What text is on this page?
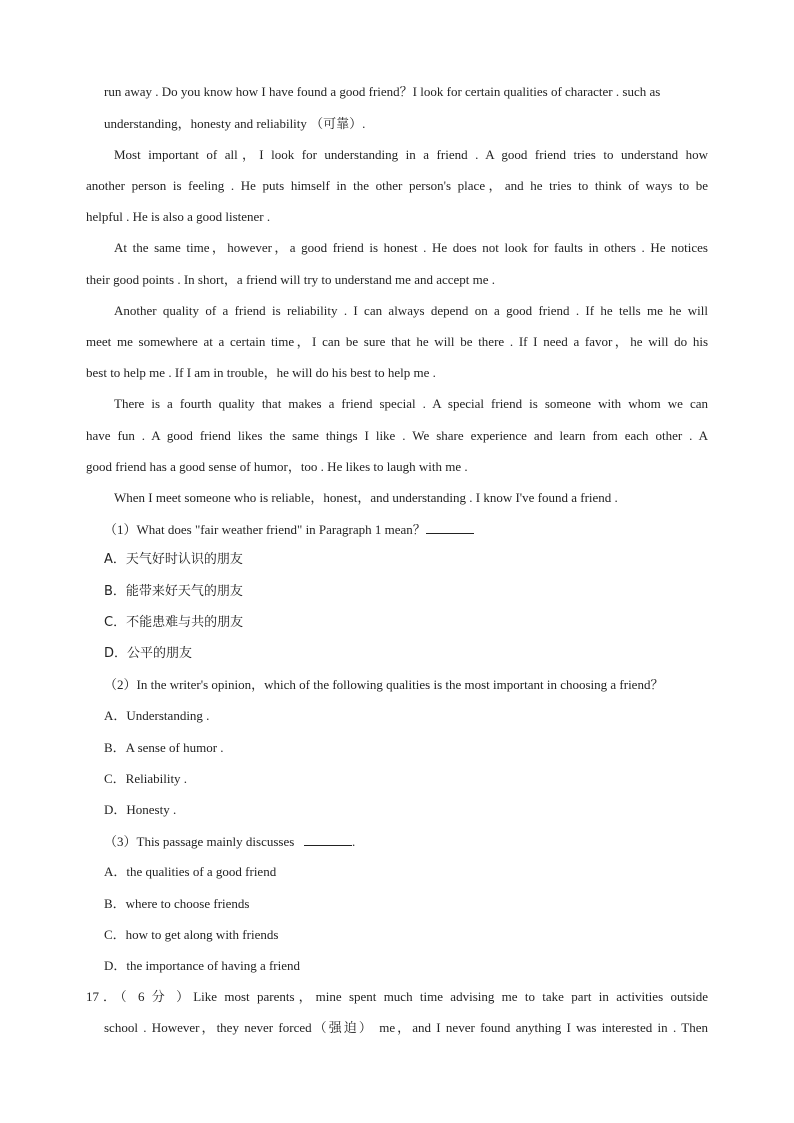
run away . Do you know how I have found a good friend？I look for certain qualities of character . such as
understanding，honesty and reliability （可靠）.
Most important of all，I look for understanding in a friend . A good friend tries to understand how
another person is feeling . He puts himself in the other person's place，and he tries to think of ways to be
helpful . He is also a good listener .
At the same time，however，a good friend is honest . He does not look for faults in others . He notices
their good points . In short，a friend will try to understand me and accept me .
Another quality of a friend is reliability . I can always depend on a good friend . If he tells me he will
meet me somewhere at a certain time，I can be sure that he will be there . If I need a favor，he will do his
best to help me . If I am in trouble，he will do his best to help me .
There is a fourth quality that makes a friend special . A special friend is someone with whom we can
have fun . A good friend likes the same things I like . We share experience and learn from each other . A
good friend has a good sense of humor，too . He likes to laugh with me .
When I meet someone who is reliable，honest，and understanding . I know I've found a friend .
（1）What does "fair weather friend" in Paragraph 1 mean？
A．天气好时认识的朋友
B．能带来好天气的朋友
C．不能患难与共的朋友
D．公平的朋友
（2）In the writer's opinion，which of the following qualities is the most important in choosing a friend？
A．Understanding .
B．A sense of humor .
C．Reliability .
D．Honesty .
（3）This passage mainly discusses	.
A．the qualities of a good friend
B．where to choose friends
C．how to get along with friends
D．the importance of having a friend
17．（ 6 分 ）Like most parents，mine spent much time advising me to take part in activities outside
school . However，they never forced（强迫） me，and I never found anything I was interested in . Then
